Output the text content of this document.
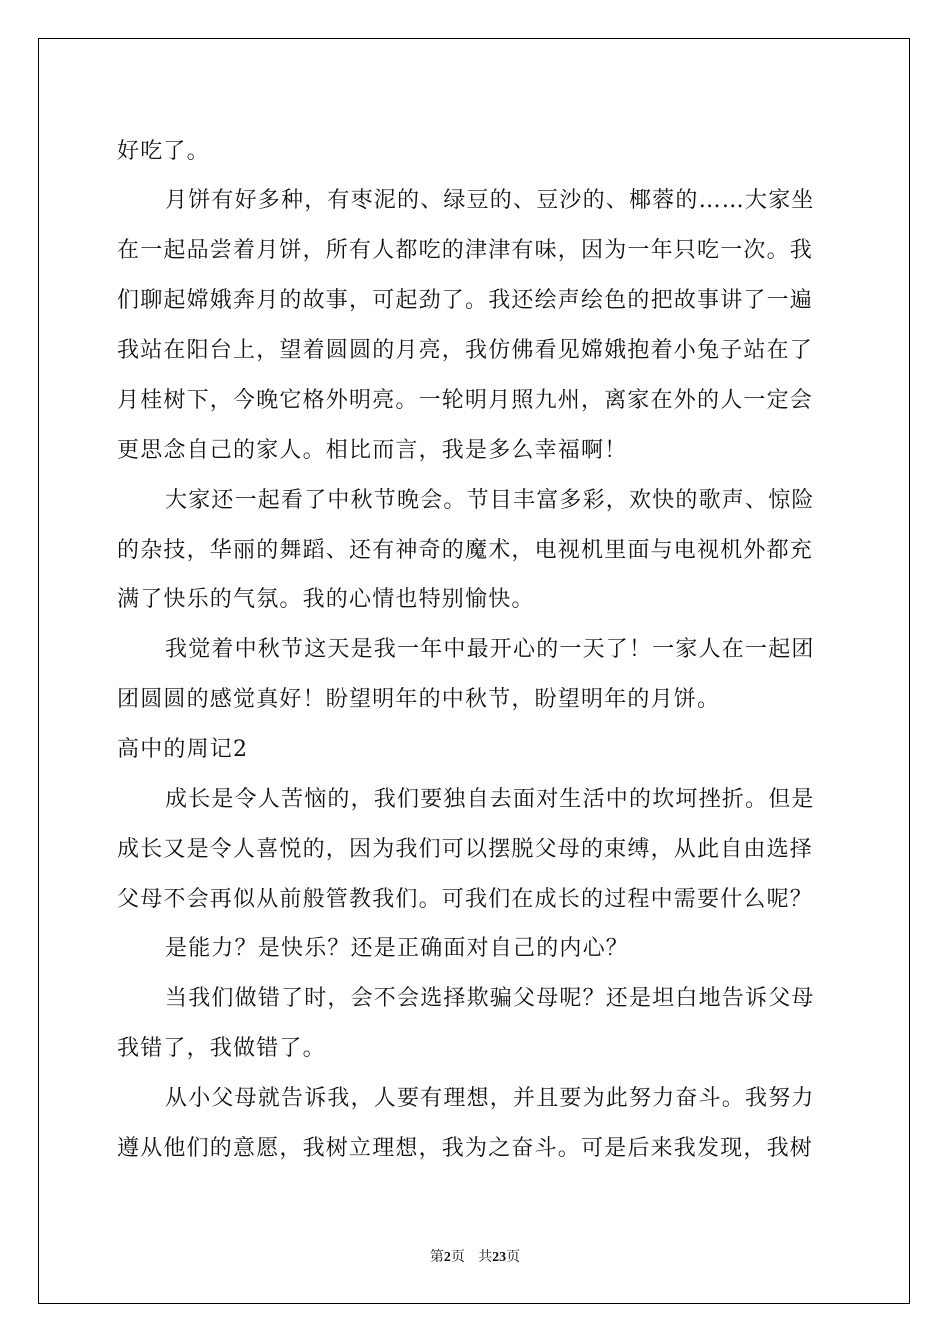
好吃了。
月饼有好多种，有枣泥的、绿豆的、豆沙的、椰蓉的……大家坐
在一起品尝着月饼，所有人都吃的津津有味，因为一年只吃一次。我
们聊起嫦娥奔月的故事，可起劲了。我还绘声绘色的把故事讲了一遍
我站在阳台上，望着圆圆的月亮，我仿佛看见嫦娥抱着小兔子站在了
月桂树下，今晚它格外明亮。一轮明月照九州，离家在外的人一定会
更思念自己的家人。相比而言，我是多么幸福啊！
大家还一起看了中秋节晚会。节目丰富多彩，欢快的歌声、惊险
的杂技，华丽的舞蹈、还有神奇的魔术，电视机里面与电视机外都充
满了快乐的气氛。我的心情也特别愉快。
我觉着中秋节这天是我一年中最开心的一天了！一家人在一起团
团圆圆的感觉真好！盼望明年的中秋节，盼望明年的月饼。
高中的周记2
成长是令人苦恼的，我们要独自去面对生活中的坎坷挫折。但是
成长又是令人喜悦的，因为我们可以摆脱父母的束缚，从此自由选择
父母不会再似从前般管教我们。可我们在成长的过程中需要什么呢？
是能力？是快乐？还是正确面对自己的内心？
当我们做错了时，会不会选择欺骗父母呢？还是坦白地告诉父母
我错了，我做错了。
从小父母就告诉我，人要有理想，并且要为此努力奋斗。我努力
遵从他们的意愿，我树立理想，我为之奋斗。可是后来我发现，我树
第2页 共23页
